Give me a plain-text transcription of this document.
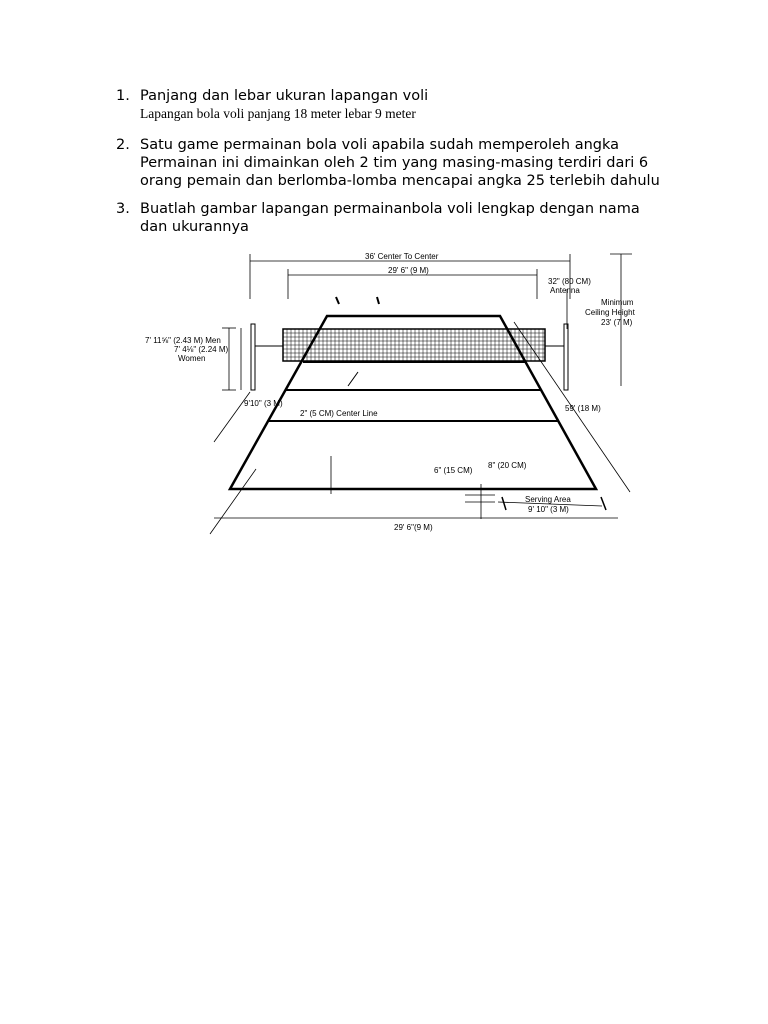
1. Panjang dan lebar ukuran lapangan voli
Lapangan bola voli panjang 18 meter lebar 9 meter
2. Satu game permainan bola voli apabila sudah memperoleh angka
Permainan ini dimainkan oleh 2 tim yang masing-masing terdiri dari 6 orang pemain dan berlomba-lomba mencapai angka 25 terlebih dahulu
3. Buatlah gambar lapangan permainanbola voli lengkap dengan nama dan ukurannya
36' Center To Center
29' 6" (9 M)
32" (80 CM)
Antenna
Minimum
Ceiling Height
23' (7 M)
7' 11⅝" (2.43 M) Men
7' 4⅛" (2.24 M)
Women
9'10" (3 M)
2" (5 CM) Center Line
59' (18 M)
6" (15 CM)
8" (20 CM)
Serving Area
9' 10" (3 M)
29' 6"(9 M)
